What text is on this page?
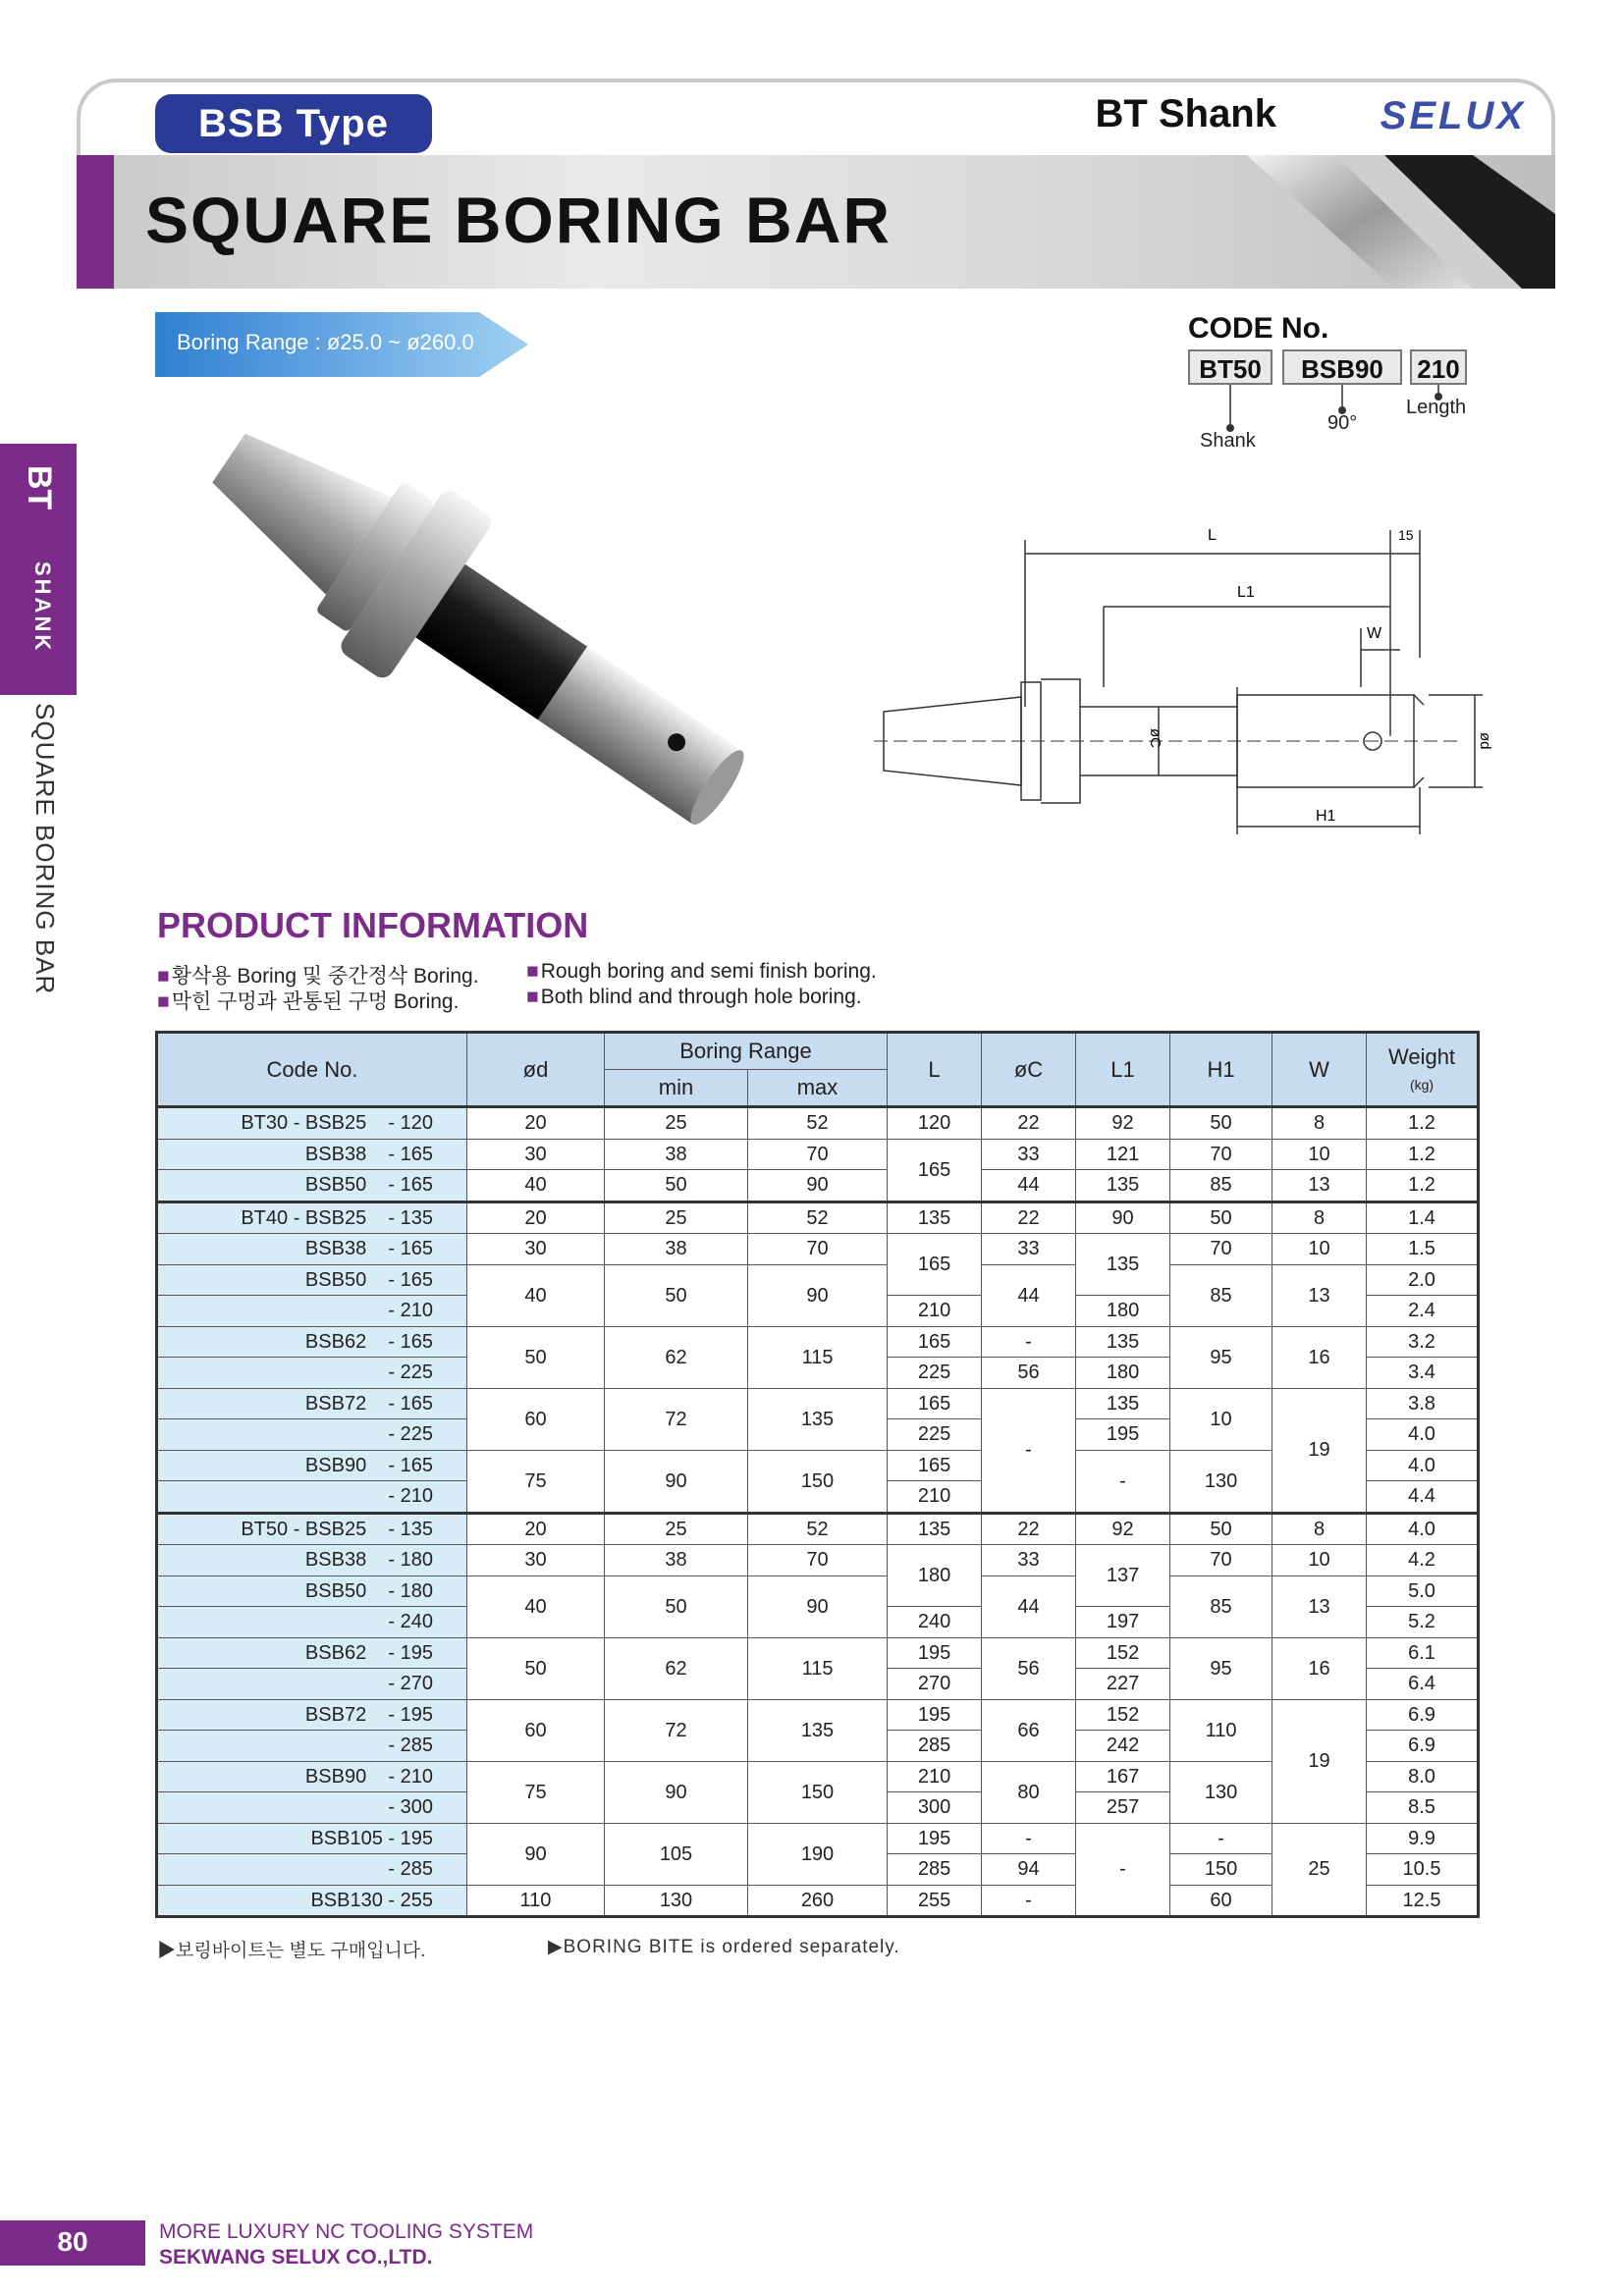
BSB Type	BT Shank	SELUX
SQUARE BORING BAR
Boring Range : ø25.0 ~ ø260.0	CODE No.
BT50	BSB90	210
Shank
90°
Length
BT
SHANK
SQUARE BORING BAR
L	15
L1
W
H1
øC	ød
PRODUCT INFORMATION
■ 황삭용 Boring 및 중간정삭 Boring.	■ Rough boring and semi finish boring.
■ 막힌 구멍과 관통된 구멍 Boring.	■ Both blind and through hole boring.
Code No.	ød	Boring Range		L	øC	L1	H1	W	Weight
(kg)
		min	max						
BT30 - BSB25    - 120	20	25	52	120	22	92	50	8	1.2
BSB38    - 165	30	38	70	165	33	121	70	10	1.2
BSB50    - 165	40	50	90		44	135	85	13	1.2
BT40 - BSB25    - 135	20	25	52	135	22	90	50	8	1.4
BSB38    - 165	30	38	70	165	33	135	70	10	1.5
BSB50    - 165	40	50	90		44		85	13	2.0
- 210				210		180			2.4
BSB62    - 165	50	62	115	165	-	135	95	16	3.2
- 225				225	56	180			3.4
BSB72    - 165	60	72	135	165	-	135	10	19	3.8
- 225				225		195			4.0
BSB90    - 165	75	90	150	165		-	130		4.0
- 210				210					4.4
BT50 - BSB25    - 135	20	25	52	135	22	92	50	8	4.0
BSB38    - 180	30	38	70	180	33	137	70	10	4.2
BSB50    - 180	40	50	90		44		85	13	5.0
- 240				240		197			5.2
BSB62    - 195	50	62	115	195	56	152	95	16	6.1
- 270				270		227			6.4
BSB72    - 195	60	72	135	195	66	152	110	19	6.9
- 285				285		242			6.9
BSB90    - 210	75	90	150	210	80	167	130		8.0
- 300				300		257			8.5
BSB105 - 195	90	105	190	195	-	-	-	25	9.9
- 285				285	94		150		10.5
BSB130 - 255	110	130	260	255	-		60		12.5
▶보링바이트는 별도 구매입니다.	▶BORING BITE is ordered separately.
80	MORE LUXURY NC TOOLING SYSTEM
SEKWANG SELUX CO.,LTD.
